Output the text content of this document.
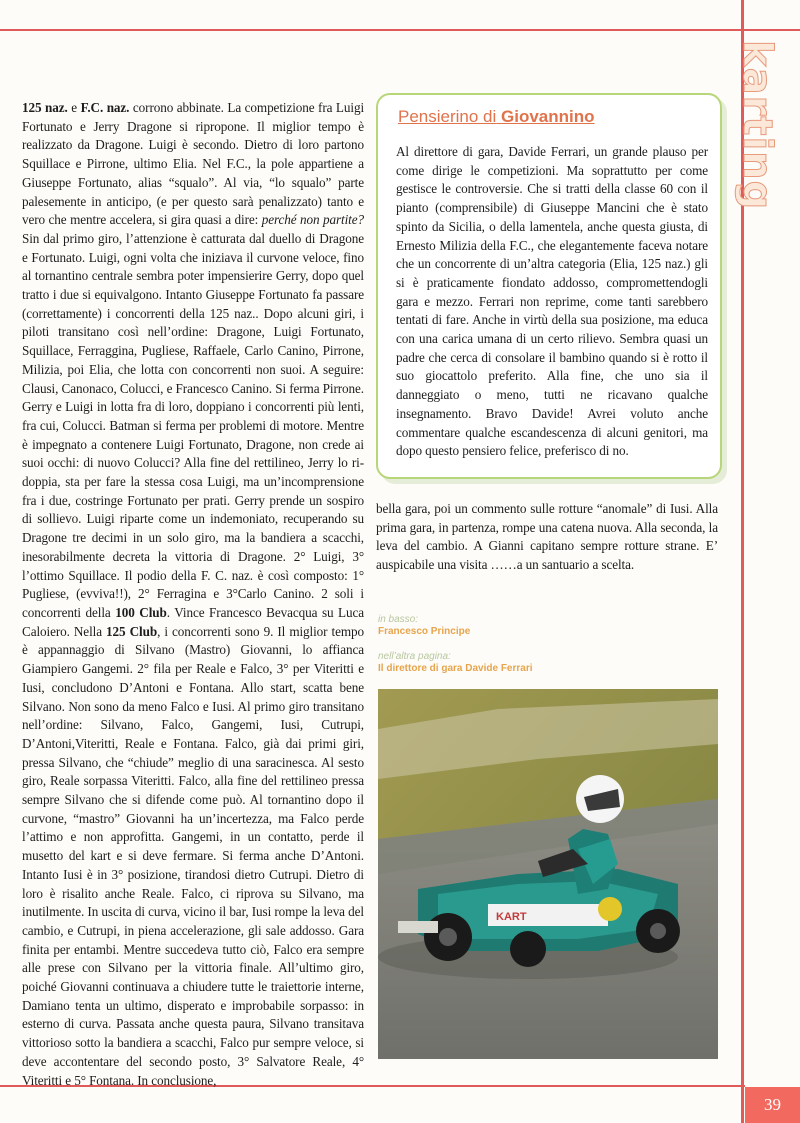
karting

125 naz. e F.C. naz. corrono abbinate. La competizione fra Luigi Fortunato e Jerry Dragone si ripropone. Il miglior tempo è realizzato da Dragone. Luigi è secondo. Dietro di loro partono Squillace e Pirrone, ultimo Elia. Nel F.C., la pole appartiene a Giuseppe Fortunato, alias “squalo”. Al via, “lo squalo” parte palesemente in anticipo, (e per questo sarà penalizzato) tanto e vero che mentre accelera, si gira quasi a dire: perché non partite? Sin dal primo giro, l’attenzione è catturata dal duello di Dragone e Fortunato. Luigi, ogni volta che iniziava il curvone veloce, fino al tornantino centrale sembra poter impensierire Gerry, dopo quel tratto i due si equivalgono. Intanto Giuseppe Fortunato fa passare (correttamente) i concorrenti della 125 naz.. Dopo alcuni giri, i piloti transitano così nell’ordine: Dragone, Luigi Fortunato, Squillace, Ferraggina, Pugliese, Raffaele, Carlo Canino, Pirrone, Milizia, poi Elia, che lotta con concorrenti non suoi. A seguire: Clausi, Canonaco, Colucci, e Francesco Canino. Si ferma Pirrone. Gerry e Luigi in lotta fra di loro, doppiano i concorrenti più lenti, fra cui, Colucci. Batman si ferma per problemi di motore. Mentre è impegnato a contenere Luigi Fortunato, Dragone, non crede ai suoi occhi: di nuovo Colucci? Alla fine del rettilineo, Jerry lo ri-doppia, sta per fare la stessa cosa Luigi, ma un’incomprensione fra i due, costringe Fortunato per prati. Gerry prende un sospiro di sollievo. Luigi riparte come un indemoniato, recuperando su Dragone tre decimi in un solo giro, ma la bandiera a scacchi, inesorabilmente decreta la vittoria di Dragone. 2° Luigi, 3° l’ottimo Squillace. Il podio della F. C. naz. è così composto: 1° Pugliese, (evviva!!), 2° Ferragina e 3°Carlo Canino. 2 soli i concorrenti della 100 Club. Vince Francesco Bevacqua su Luca Caloiero. Nella 125 Club, i concorrenti sono 9. Il miglior tempo è appannaggio di Silvano (Mastro) Giovanni, lo affianca Giampiero Gangemi. 2° fila per Reale e Falco, 3° per Viteritti e Iusi, concludono D’Antoni e Fontana. Allo start, scatta bene Silvano. Non sono da meno Falco e Iusi. Al primo giro transitano nell’ordine: Silvano, Falco, Gangemi, Iusi, Cutrupi, D’Antoni,Viteritti, Reale e Fontana. Falco, già dai primi giri, pressa Silvano, che “chiude” meglio di una saracinesca. Al sesto giro, Reale sorpassa Viteritti. Falco, alla fine del rettilineo pressa sempre Silvano che si difende come può. Al tornantino dopo il curvone, “mastro” Giovanni ha un’incertezza, ma Falco perde l’attimo e non approfitta. Gangemi, in un contatto, perde il musetto del kart e si deve fermare. Si ferma anche D’Antoni. Intanto Iusi è in 3° posizione, tirandosi dietro Cutrupi. Dietro di loro è risalito anche Reale. Falco, ci riprova su Silvano, ma inutilmente. In uscita di curva, vicino il bar, Iusi rompe la leva del cambio, e Cutrupi, in piena accelerazione, gli sale addosso. Gara finita per entambi. Mentre succedeva tutto ciò, Falco era sempre alle prese con Silvano per la vittoria finale. All’ultimo giro, poiché Giovanni continuava a chiudere tutte le traiettorie interne, Damiano tenta un ultimo, disperato e improbabile sorpasso: in esterno di curva. Passata anche questa paura, Silvano transitava vittorioso sotto la bandiera a scacchi, Falco pur sempre veloce, si deve accontentare del secondo posto, 3° Salvatore Reale, 4° Viteritti e 5° Fontana. In conclusione,

Pensierino di Giovannino
Al direttore di gara, Davide Ferrari, un grande plauso per come dirige le competizioni. Ma soprattutto per come gestisce le controversie. Che si tratti della classe 60 con il pianto (comprensibile) di Giuseppe Mancini che è stato spinto da Sicilia, o della lamentela, anche questa giusta, di Ernesto Milizia della F.C., che elegantemente faceva notare che un concorrente di un’altra categoria (Elia, 125 naz.) gli si è praticamente fiondato addosso, compromettendogli gara e mezzo. Ferrari non reprime, come tanti sarebbero tentati di fare. Anche in virtù della sua posizione, ma educa con una carica umana di un certo rilievo. Sembra quasi un padre che cerca di consolare il bambino quando si è rotto il suo giocattolo preferito. Alla fine, che uno sia il danneggiato o meno, tutti ne ricavano qualche insegnamento. Bravo Davide! Avrei voluto anche commentare qualche escandescenza di alcuni genitori, ma dopo questo pensiero felice, preferisco di no.
bella gara, poi un commento sulle rotture “anomale” di Iusi. Alla prima gara, in partenza, rompe una catena nuova. Alla seconda, la leva del cambio. A Gianni capitano sempre rotture strane. E’ auspicabile una visita ……a un santuario a scelta.
in basso:
Francesco Principe
nell’altra pagina:
Il direttore di gara Davide Ferrari
KART
39
